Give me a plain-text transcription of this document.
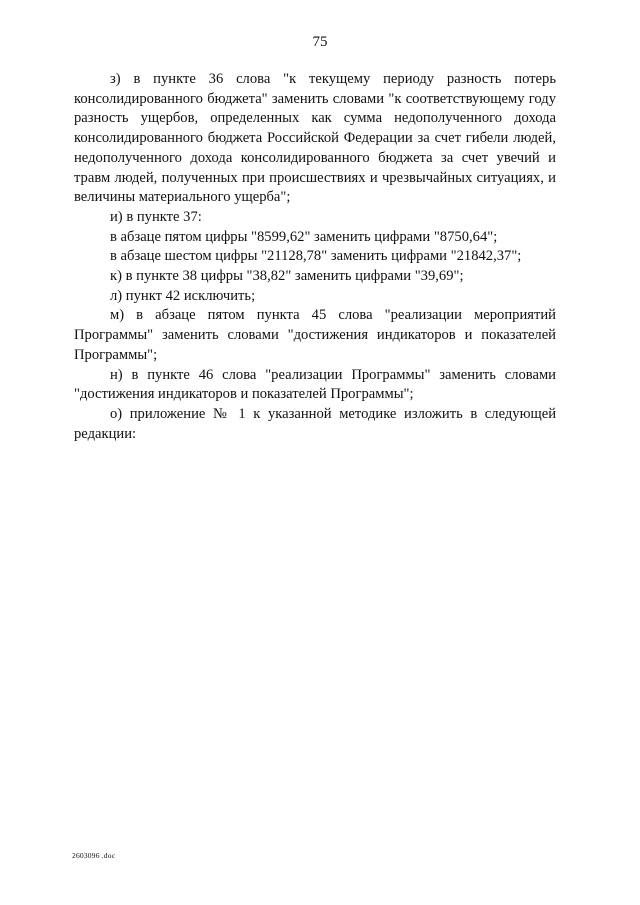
75

з) в пункте 36 слова "к текущему периоду разность потерь консолидированного бюджета" заменить словами "к соответствующему году разность ущербов, определенных как сумма недополученного дохода консолидированного бюджета Российской Федерации за счет гибели людей, недополученного дохода консолидированного бюджета за счет увечий и травм людей, полученных при происшествиях и чрезвычайных ситуациях, и величины материального ущерба";

и) в пункте 37:

в абзаце пятом цифры "8599,62" заменить цифрами "8750,64";

в абзаце шестом цифры "21128,78" заменить цифрами "21842,37";

к) в пункте 38 цифры "38,82" заменить цифрами "39,69";

л) пункт 42 исключить;

м) в абзаце пятом пункта 45 слова "реализации мероприятий Программы" заменить словами "достижения индикаторов и показателей Программы";

н) в пункте 46 слова "реализации Программы" заменить словами "достижения индикаторов и показателей Программы";

о) приложение № 1 к указанной методике изложить в следующей редакции:

2603096 .doc
